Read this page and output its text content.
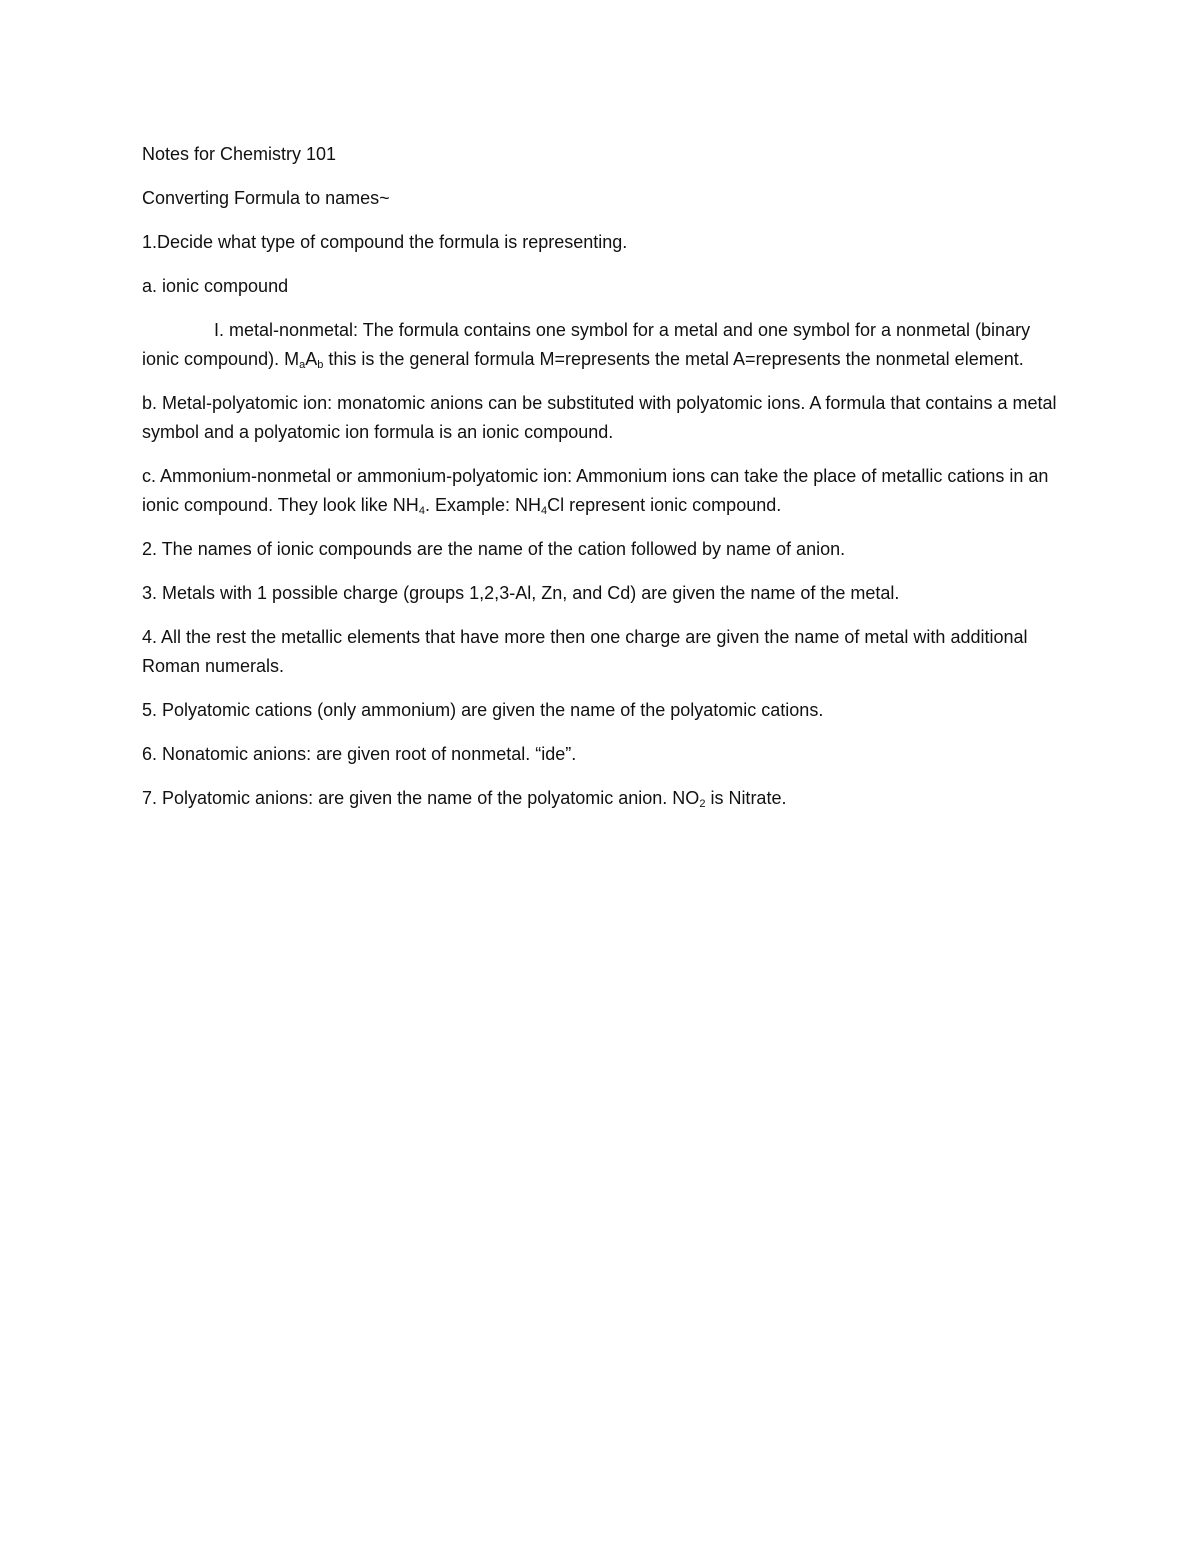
Notes for Chemistry 101

Converting Formula to names~

1.Decide what type of compound the formula is representing.

a. ionic compound

I. metal-nonmetal: The formula contains one symbol for a metal and one symbol for a nonmetal (binary ionic compound). $M_aA_b$ this is the general formula M=represents the metal A=represents the nonmetal element.

b. Metal-polyatomic ion: monatomic anions can be substituted with polyatomic ions. A formula that contains a metal symbol and a polyatomic ion formula is an ionic compound.

c. Ammonium-nonmetal or ammonium-polyatomic ion: Ammonium ions can take the place of metallic cations in an ionic compound. They look like $NH_4$. Example: $NH_4Cl$ represent ionic compound.

2. The names of ionic compounds are the name of the cation followed by name of anion.

3. Metals with 1 possible charge (groups 1,2,3-Al, Zn, and Cd) are given the name of the metal.

4. All the rest the metallic elements that have more then one charge are given the name of metal with additional Roman numerals.

5. Polyatomic cations (only ammonium) are given the name of the polyatomic cations.

6. Nonatomic anions: are given root of nonmetal. “ide”.

7. Polyatomic anions: are given the name of the polyatomic anion. $NO_2$ is Nitrate.
